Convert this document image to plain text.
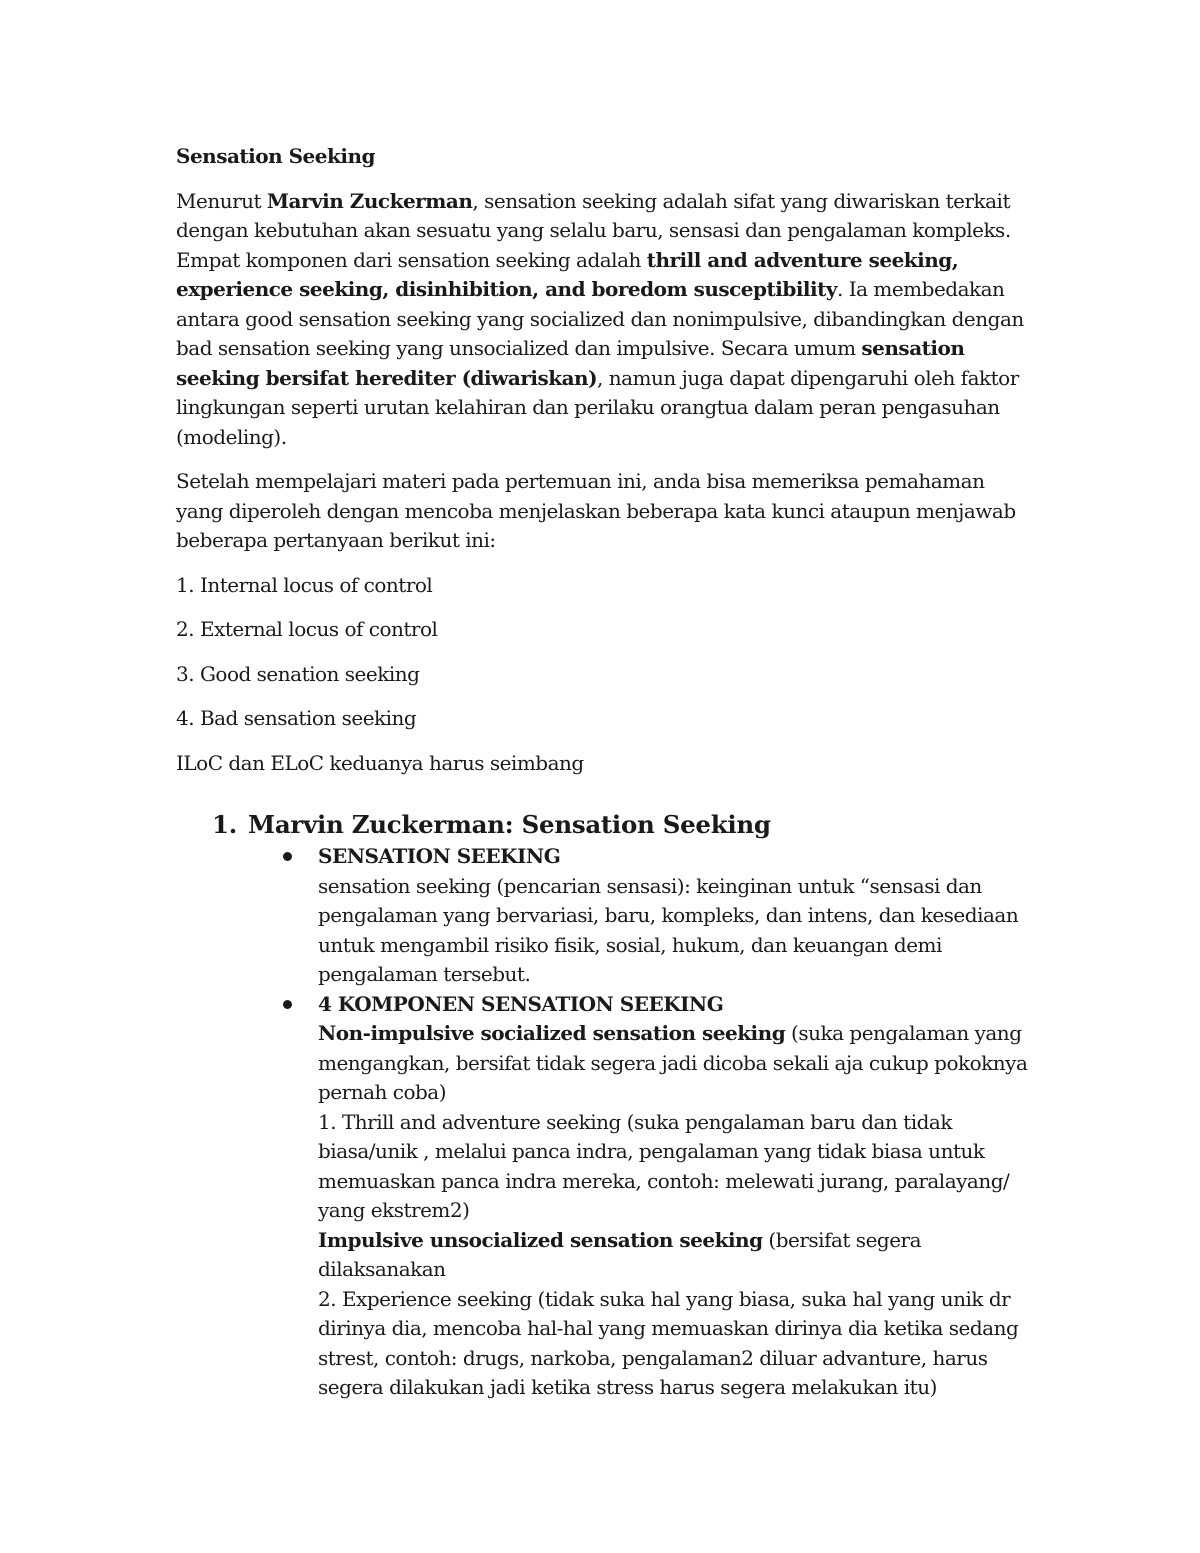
Sensation Seeking

Menurut Marvin Zuckerman, sensation seeking adalah sifat yang diwariskan terkait dengan kebutuhan akan sesuatu yang selalu baru, sensasi dan pengalaman kompleks. Empat komponen dari sensation seeking adalah thrill and adventure seeking, experience seeking, disinhibition, and boredom susceptibility. Ia membedakan antara good sensation seeking yang socialized dan nonimpulsive, dibandingkan dengan bad sensation seeking yang unsocialized dan impulsive. Secara umum sensation seeking bersifat herediter (diwariskan), namun juga dapat dipengaruhi oleh faktor lingkungan seperti urutan kelahiran dan perilaku orangtua dalam peran pengasuhan (modeling).

Setelah mempelajari materi pada pertemuan ini, anda bisa memeriksa pemahaman yang diperoleh dengan mencoba menjelaskan beberapa kata kunci ataupun menjawab beberapa pertanyaan berikut ini:

1. Internal locus of control

2. External locus of control

3. Good senation seeking

4. Bad sensation seeking

ILoC dan ELoC keduanya harus seimbang

1. Marvin Zuckerman: Sensation Seeking
SENSATION SEEKING
sensation seeking (pencarian sensasi): keinginan untuk “sensasi dan pengalaman yang bervariasi, baru, kompleks, dan intens, dan kesediaan untuk mengambil risiko fisik, sosial, hukum, dan keuangan demi pengalaman tersebut.
4 KOMPONEN SENSATION SEEKING
Non-impulsive socialized sensation seeking (suka pengalaman yang mengangkan, bersifat tidak segera jadi dicoba sekali aja cukup pokoknya pernah coba)
1. Thrill and adventure seeking (suka pengalaman baru dan tidak biasa/unik , melalui panca indra, pengalaman yang tidak biasa untuk memuaskan panca indra mereka, contoh: melewati jurang, paralayang/ yang ekstrem2)
Impulsive unsocialized sensation seeking (bersifat segera dilaksanakan
2. Experience seeking (tidak suka hal yang biasa, suka hal yang unik dr dirinya dia, mencoba hal-hal yang memuaskan dirinya dia ketika sedang strest, contoh: drugs, narkoba, pengalaman2 diluar advanture, harus segera dilakukan jadi ketika stress harus segera melakukan itu)
